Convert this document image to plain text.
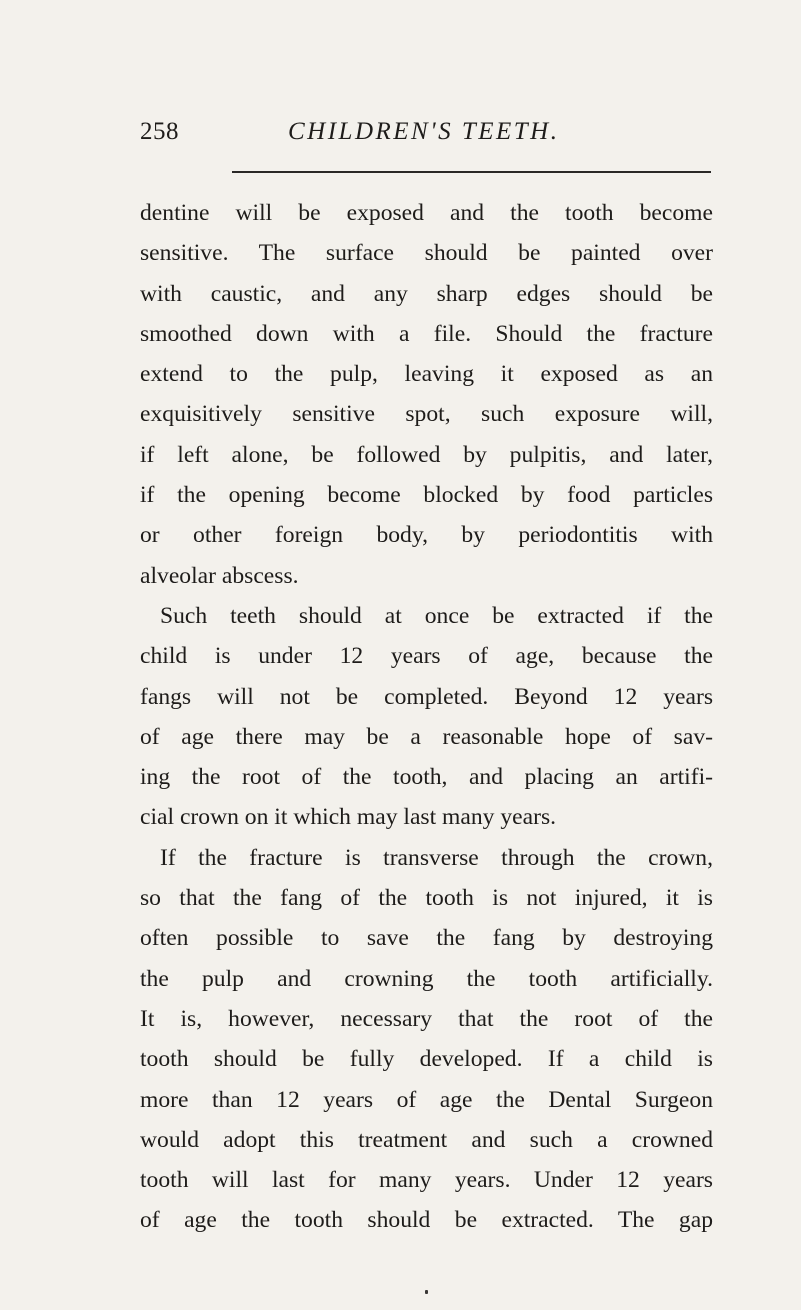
258	CHILDREN'S TEETH.
dentine will be exposed and the tooth become
sensitive. The surface should be painted over
with caustic, and any sharp edges should be
smoothed down with a file. Should the fracture
extend to the pulp, leaving it exposed as an
exquisitively sensitive spot, such exposure will,
if left alone, be followed by pulpitis, and later,
if the opening become blocked by food particles
or other foreign body, by periodontitis with
alveolar abscess.
Such teeth should at once be extracted if the
child is under 12 years of age, because the
fangs will not be completed. Beyond 12 years
of age there may be a reasonable hope of sav-
ing the root of the tooth, and placing an artifi-
cial crown on it which may last many years.
If the fracture is transverse through the crown,
so that the fang of the tooth is not injured, it is
often possible to save the fang by destroying
the pulp and crowning the tooth artificially.
It is, however, necessary that the root of the
tooth should be fully developed. If a child is
more than 12 years of age the Dental Surgeon
would adopt this treatment and such a crowned
tooth will last for many years. Under 12 years
of age the tooth should be extracted. The gap
